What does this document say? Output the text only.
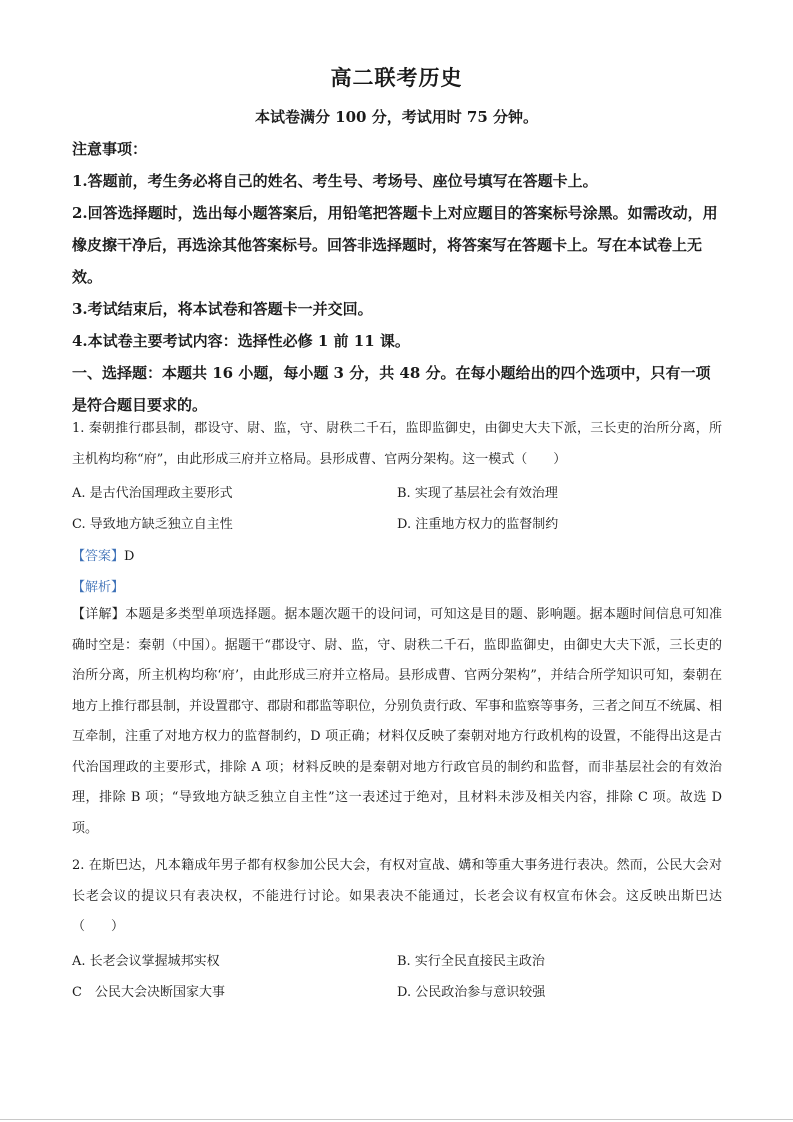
高二联考历史
本试卷满分 100 分，考试用时 75 分钟。

注意事项：

1.答题前，考生务必将自己的姓名、考生号、考场号、座位号填写在答题卡上。

2.回答选择题时，选出每小题答案后，用铅笔把答题卡上对应题目的答案标号涂黑。如需改动，用橡皮擦干净后，再选涂其他答案标号。回答非选择题时，将答案写在答题卡上。写在本试卷上无效。

3.考试结束后，将本试卷和答题卡一并交回。

4.本试卷主要考试内容：选择性必修 1 前 11 课。

一、选择题：本题共 16 小题，每小题 3 分，共 48 分。在每小题给出的四个选项中，只有一项是符合题目要求的。

1. 秦朝推行郡县制，郡设守、尉、监，守、尉秩二千石，监即监御史，由御史大夫下派，三长吏的治所分离，所主机构均称“府”，由此形成三府并立格局。县形成曹、官两分架构。这一模式（　　）

A. 是古代治国理政主要形式	B. 实现了基层社会有效治理
C. 导致地方缺乏独立自主性	D. 注重地方权力的监督制约
【答案】D
【解析】

【详解】本题是多类型单项选择题。据本题次题干的设问词，可知这是目的题、影响题。据本题时间信息可知准确时空是：秦朝（中国）。据题干“郡设守、尉、监，守、尉秩二千石，监即监御史，由御史大夫下派，三长吏的治所分离，所主机构均称‘府’，由此形成三府并立格局。县形成曹、官两分架构”，并结合所学知识可知，秦朝在地方上推行郡县制，并设置郡守、郡尉和郡监等职位，分别负责行政、军事和监察等事务，三者之间互不统属、相互牵制，注重了对地方权力的监督制约，D 项正确；材料仅反映了秦朝对地方行政机构的设置，不能得出这是古代治国理政的主要形式，排除 A 项；材料反映的是秦朝对地方行政官员的制约和监督，而非基层社会的有效治理，排除 B 项；“导致地方缺乏独立自主性”这一表述过于绝对，且材料未涉及相关内容，排除 C 项。故选 D 项。

2. 在斯巴达，凡本籍成年男子都有权参加公民大会，有权对宣战、媾和等重大事务进行表决。然而，公民大会对长老会议的提议只有表决权，不能进行讨论。如果表决不能通过，长老会议有权宣布休会。这反映出斯巴达（　　）

A. 长老会议掌握城邦实权	B. 实行全民直接民主政治
C　公民大会决断国家大事	D. 公民政治参与意识较强
